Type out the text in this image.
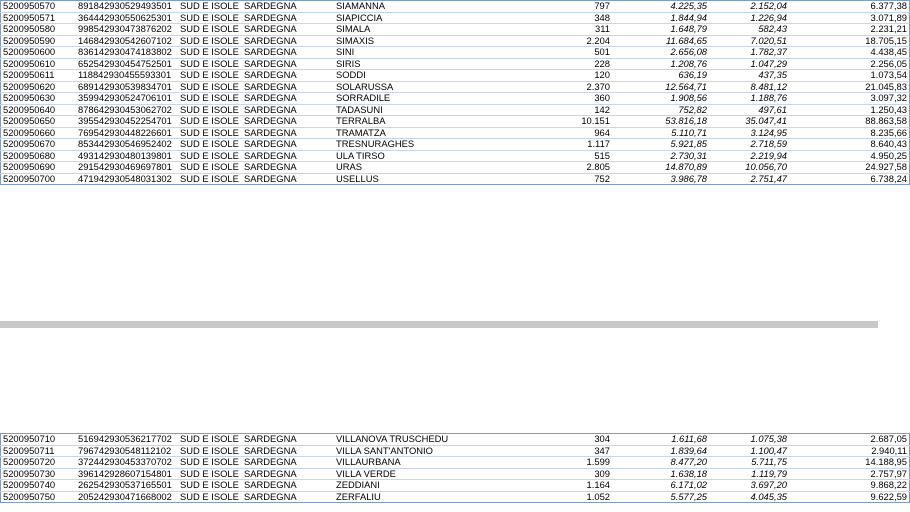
5200950570	891842930529493501	SUD E ISOLE	SARDEGNA	SIAMANNA	797	4.225,35	2.152,04	6.377,38
5200950571	364442930550625301	SUD E ISOLE	SARDEGNA	SIAPICCIA	348	1.844,94	1.226,94	3.071,89
5200950580	998542930473876202	SUD E ISOLE	SARDEGNA	SIMALA	311	1.648,79	582,43	2.231,21
5200950590	146842930542607102	SUD E ISOLE	SARDEGNA	SIMAXIS	2.204	11.684,65	7.020,51	18.705,15
5200950600	836142930474183802	SUD E ISOLE	SARDEGNA	SINI	501	2.656,08	1.782,37	4.438,45
5200950610	652542930454752501	SUD E ISOLE	SARDEGNA	SIRIS	228	1.208,76	1.047,29	2.256,05
5200950611	118842930455593301	SUD E ISOLE	SARDEGNA	SODDI	120	636,19	437,35	1.073,54
5200950620	689142930539834701	SUD E ISOLE	SARDEGNA	SOLARUSSA	2.370	12.564,71	8.481,12	21.045,83
5200950630	359942930524706101	SUD E ISOLE	SARDEGNA	SORRADILE	360	1.908,56	1.188,76	3.097,32
5200950640	878642930453062702	SUD E ISOLE	SARDEGNA	TADASUNI	142	752,82	497,61	1.250,43
5200950650	395542930452254701	SUD E ISOLE	SARDEGNA	TERRALBA	10.151	53.816,18	35.047,41	88.863,58
5200950660	769542930448226601	SUD E ISOLE	SARDEGNA	TRAMATZA	964	5.110,71	3.124,95	8.235,66
5200950670	853442930546952402	SUD E ISOLE	SARDEGNA	TRESNURAGHES	1.117	5.921,85	2.718,59	8.640,43
5200950680	493142930480139801	SUD E ISOLE	SARDEGNA	ULA TIRSO	515	2.730,31	2.219,94	4.950,25
5200950690	291542930469697801	SUD E ISOLE	SARDEGNA	URAS	2.805	14.870,89	10.056,70	24.927,58
5200950700	471942930548031302	SUD E ISOLE	SARDEGNA	USELLUS	752	3.986,78	2.751,47	6.738,24
5200950710	516942930536217702	SUD E ISOLE	SARDEGNA	VILLANOVA TRUSCHEDU	304	1.611,68	1.075,38	2.687,05
5200950711	796742930548112102	SUD E ISOLE	SARDEGNA	VILLA SANT'ANTONIO	347	1.839,64	1.100,47	2.940,11
5200950720	372442930453370702	SUD E ISOLE	SARDEGNA	VILLAURBANA	1.599	8.477,20	5.711,75	14.188,95
5200950730	396142928607154801	SUD E ISOLE	SARDEGNA	VILLA VERDE	309	1.638,18	1.119,79	2.757,97
5200950740	262542930537165501	SUD E ISOLE	SARDEGNA	ZEDDIANI	1.164	6.171,02	3.697,20	9.868,22
5200950750	205242930471668002	SUD E ISOLE	SARDEGNA	ZERFALIU	1.052	5.577,25	4.045,35	9.622,59
